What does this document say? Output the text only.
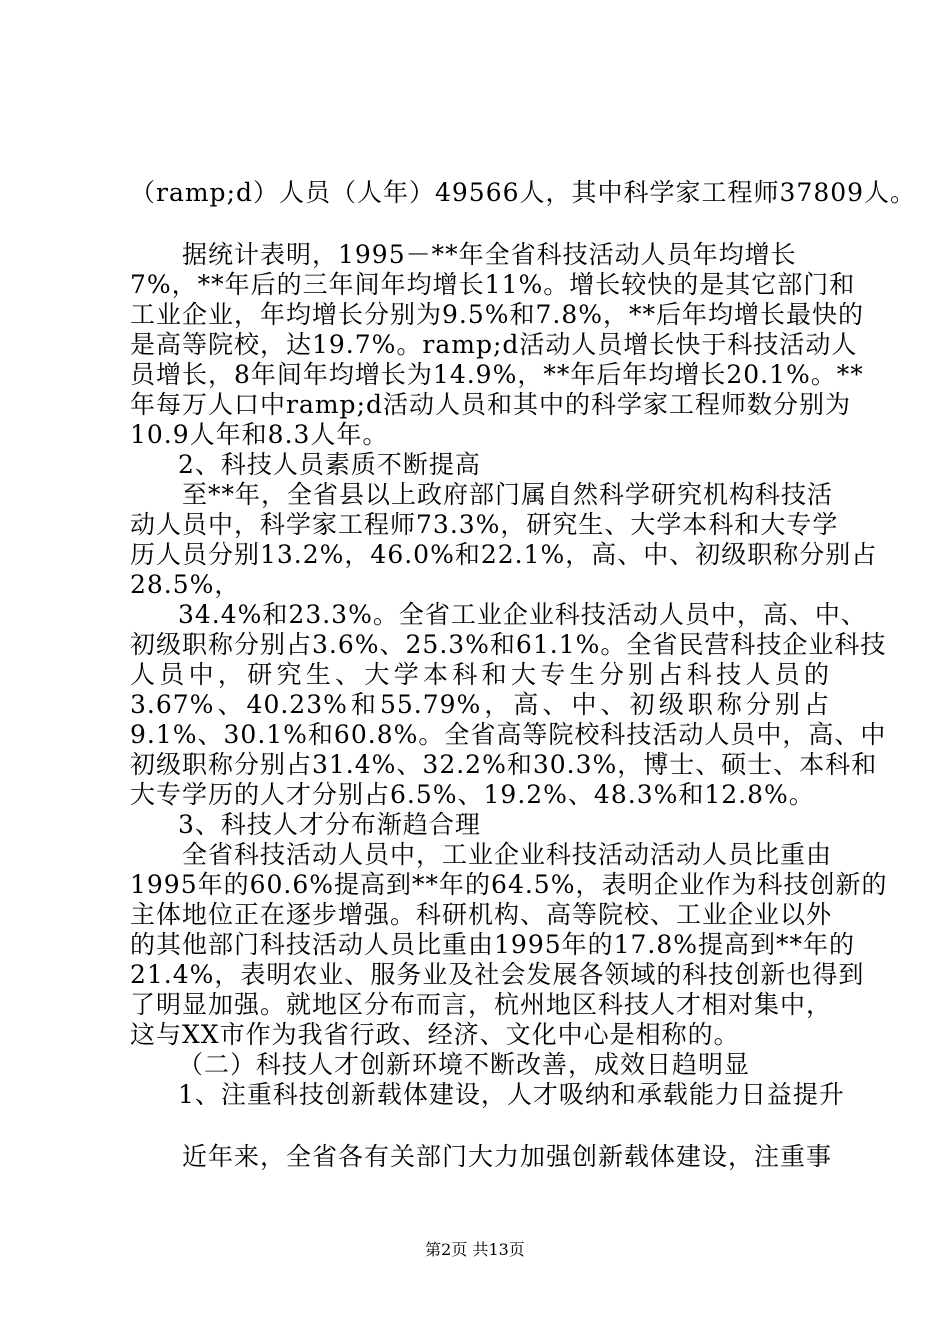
（ramp;d）人员（人年）49566人，其中科学家工程师37809人。
据统计表明，1995－**年全省科技活动人员年均增长
7%，**年后的三年间年均增长11%。增长较快的是其它部门和
工业企业，年均增长分别为9.5%和7.8%，**后年均增长最快的
是高等院校，达19.7%。ramp;d活动人员增长快于科技活动人
员增长，8年间年均增长为14.9%，**年后年均增长20.1%。**
年每万人口中ramp;d活动人员和其中的科学家工程师数分别为
10.9人年和8.3人年。
2、科技人员素质不断提高
至**年，全省县以上政府部门属自然科学研究机构科技活
动人员中，科学家工程师73.3%，研究生、大学本科和大专学
历人员分别13.2%，46.0%和22.1%，高、中、初级职称分别占
28.5%，
34.4%和23.3%。全省工业企业科技活动人员中，高、中、
初级职称分别占3.6%、25.3%和61.1%。全省民营科技企业科技
人员中，研究生、大学本科和大专生分别占科技人员的
3.67%、40.23%和55.79%，高、中、初级职称分别占
9.1%、30.1%和60.8%。全省高等院校科技活动人员中，高、中
初级职称分别占31.4%、32.2%和30.3%，博士、硕士、本科和
大专学历的人才分别占6.5%、19.2%、48.3%和12.8%。
3、科技人才分布渐趋合理
全省科技活动人员中，工业企业科技活动活动人员比重由
1995年的60.6%提高到**年的64.5%，表明企业作为科技创新的
主体地位正在逐步增强。科研机构、高等院校、工业企业以外
的其他部门科技活动人员比重由1995年的17.8%提高到**年的
21.4%，表明农业、服务业及社会发展各领域的科技创新也得到
了明显加强。就地区分布而言，杭州地区科技人才相对集中，
这与XX市作为我省行政、经济、文化中心是相称的。
（二）科技人才创新环境不断改善，成效日趋明显
1、注重科技创新载体建设，人才吸纳和承载能力日益提升
近年来，全省各有关部门大力加强创新载体建设，注重事
第2页 共13页
